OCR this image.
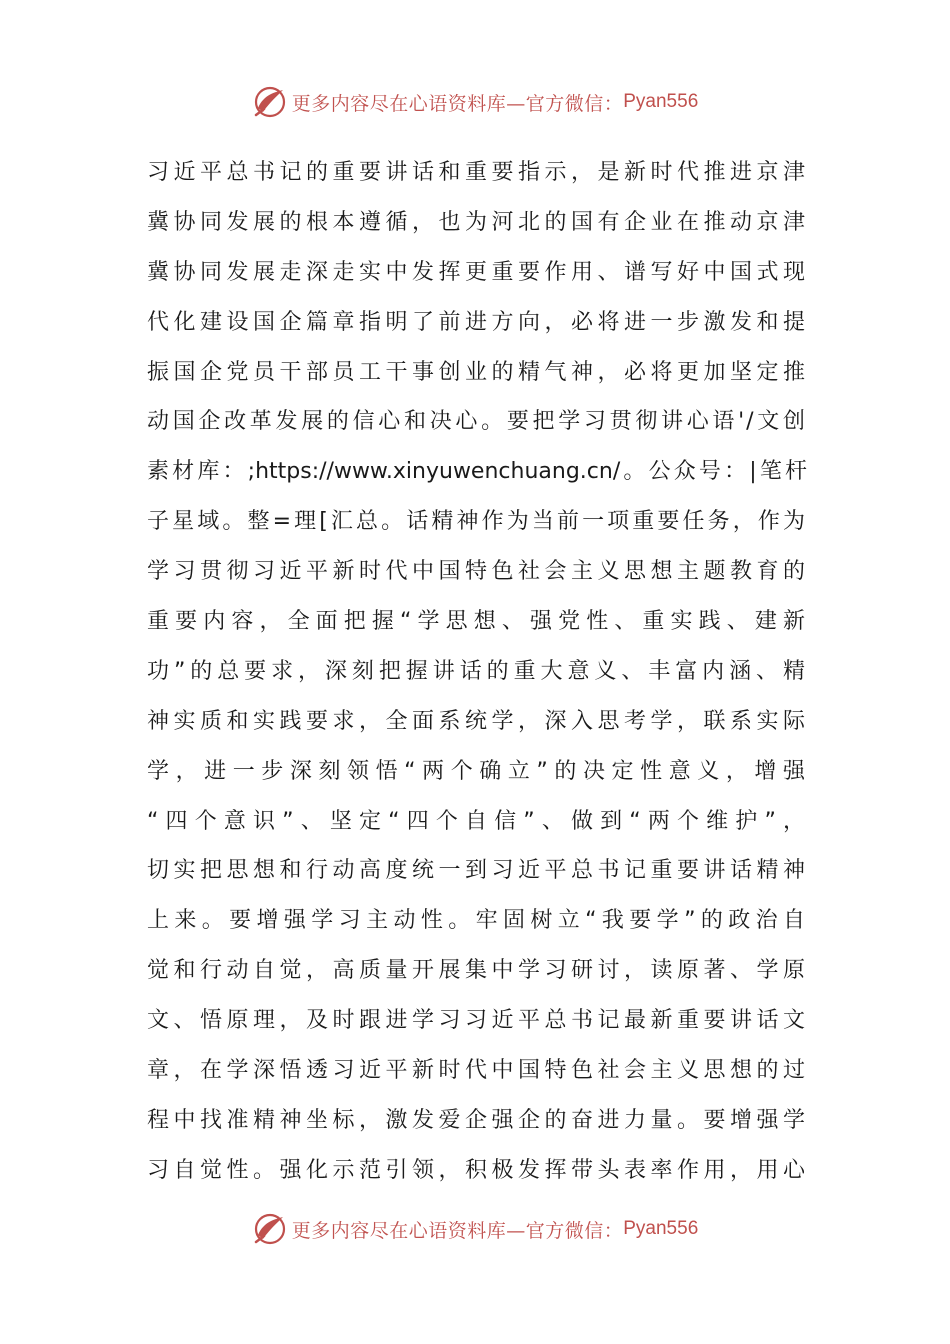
更多内容尽在心语资料库—官方微信： Pyan556
习近平总书记的重要讲话和重要指示，是新时代推进京津
冀协同发展的根本遵循，也为河北的国有企业在推动京津
冀协同发展走深走实中发挥更重要作用、谱写好中国式现
代化建设国企篇章指明了前进方向，必将进一步激发和提
振国企党员干部员工干事创业的精气神，必将更加坚定推
动国企改革发展的信心和决心。要把学习贯彻讲心语'/文创
素材库：;https://www.xinyuwenchuang.cn/。公众号：|笔杆
子星域。整=理[汇总。话精神作为当前一项重要任务，作为
学习贯彻习近平新时代中国特色社会主义思想主题教育的
重要内容，全面把握“学思想、强党性、重实践、建新
功”的总要求，深刻把握讲话的重大意义、丰富内涵、精
神实质和实践要求，全面系统学，深入思考学，联系实际
学，进一步深刻领悟“两个确立”的决定性意义，增强
“四个意识”、坚定“四个自信”、做到“两个维护”，
切实把思想和行动高度统一到习近平总书记重要讲话精神
上来。要增强学习主动性。牢固树立“我要学”的政治自
觉和行动自觉，高质量开展集中学习研讨，读原著、学原
文、悟原理，及时跟进学习习近平总书记最新重要讲话文
章，在学深悟透习近平新时代中国特色社会主义思想的过
程中找准精神坐标，激发爱企强企的奋进力量。要增强学
习自觉性。强化示范引领，积极发挥带头表率作用，用心
更多内容尽在心语资料库—官方微信： Pyan556
